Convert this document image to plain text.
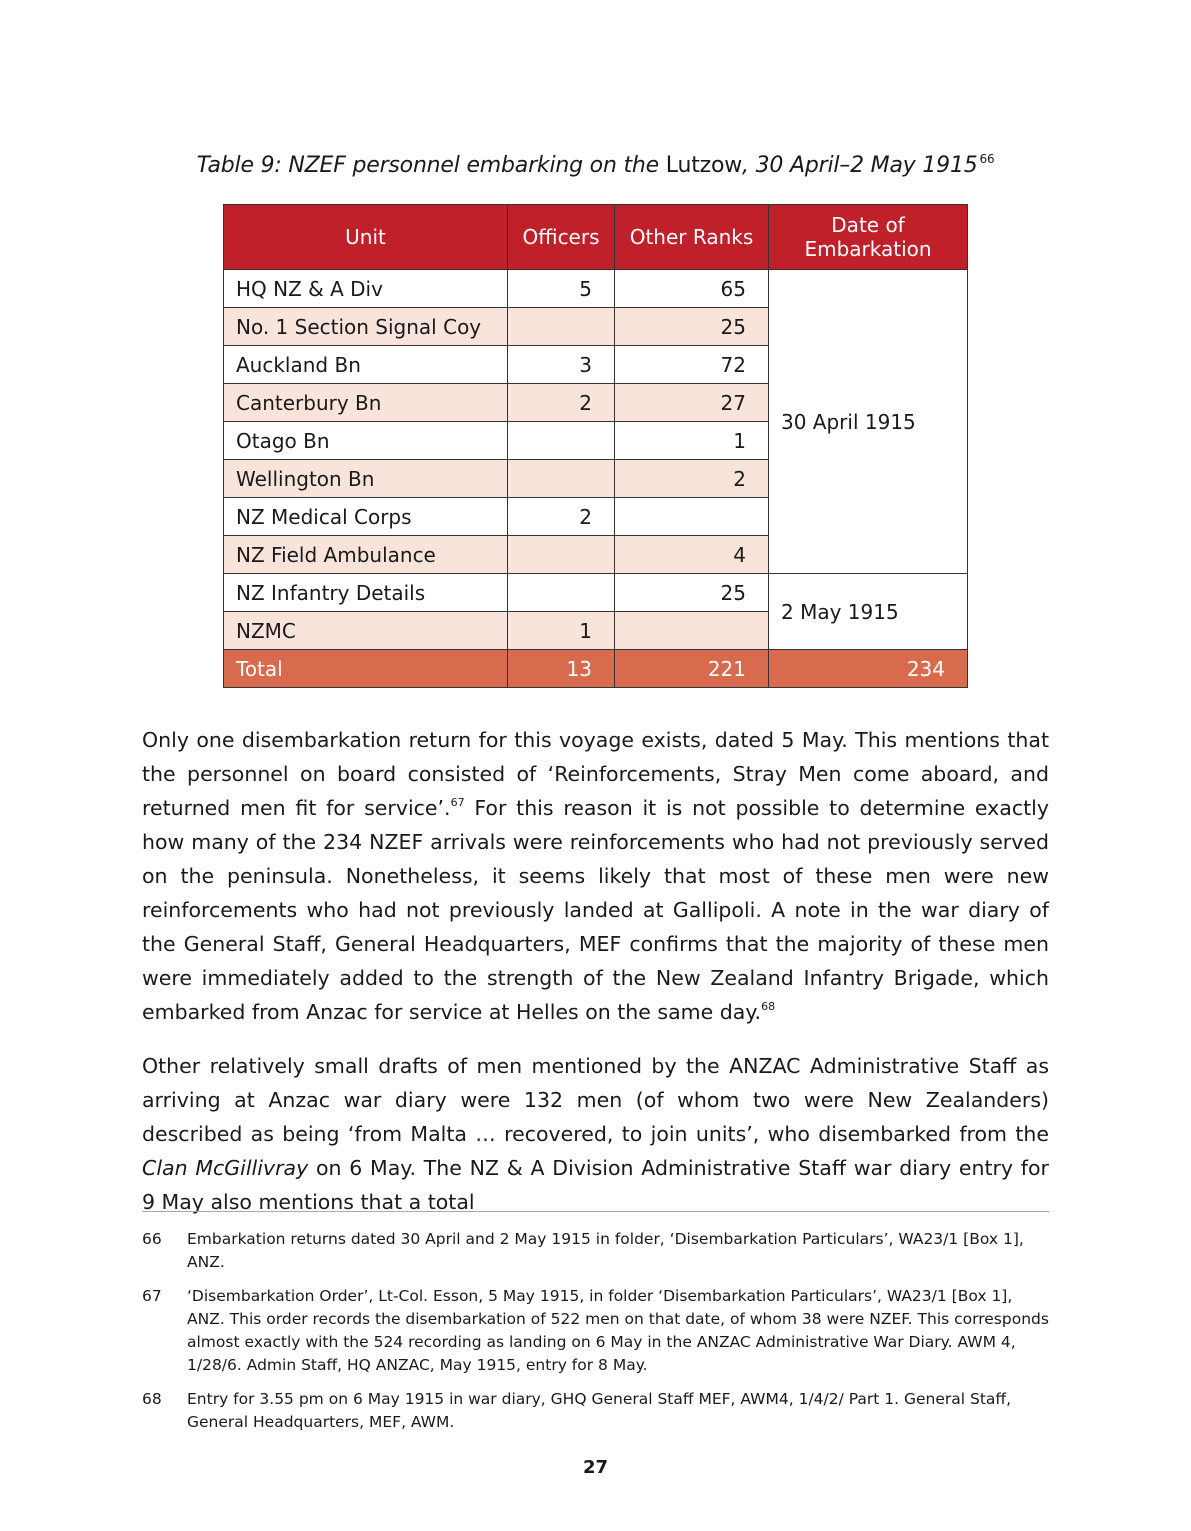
Table 9: NZEF personnel embarking on the Lutzow, 30 April–2 May 1915 $^{66}$
Unit	Officers	Other Ranks	Date of Embarkation
HQ NZ & A Div	5	65	30 April 1915
No. 1 Section Signal Coy		25	
Auckland Bn	3	72	
Canterbury Bn	2	27	
Otago Bn		1	
Wellington Bn		2	
NZ Medical Corps	2		
NZ Field Ambulance		4	
NZ Infantry Details		25	2 May 1915
NZMC	1		
Total	13	221	234

Only one disembarkation return for this voyage exists, dated 5 May. This mentions that the personnel on board consisted of ‘Reinforcements, Stray Men come aboard, and returned men fit for service’.$^{67}$ For this reason it is not possible to determine exactly how many of the 234 NZEF arrivals were reinforcements who had not previously served on the peninsula. Nonetheless, it seems likely that most of these men were new reinforcements who had not previously landed at Gallipoli. A note in the war diary of the General Staff, General Headquarters, MEF confirms that the majority of these men were immediately added to the strength of the New Zealand Infantry Brigade, which embarked from Anzac for service at Helles on the same day.$^{68}$

Other relatively small drafts of men mentioned by the ANZAC Administrative Staff as arriving at Anzac war diary were 132 men (of whom two were New Zealanders) described as being ‘from Malta … recovered, to join units’, who disembarked from the Clan McGillivray on 6 May. The NZ & A Division Administrative Staff war diary entry for 9 May also mentions that a total

66 Embarkation returns dated 30 April and 2 May 1915 in folder, ‘Disembarkation Particulars’, WA23/1 [Box 1], ANZ.
67 ‘Disembarkation Order’, Lt-Col. Esson, 5 May 1915, in folder ‘Disembarkation Particulars’, WA23/1 [Box 1], ANZ. This order records the disembarkation of 522 men on that date, of whom 38 were NZEF. This corresponds almost exactly with the 524 recording as landing on 6 May in the ANZAC Administrative War Diary. AWM 4, 1/28/6. Admin Staff, HQ ANZAC, May 1915, entry for 8 May.
68 Entry for 3.55 pm on 6 May 1915 in war diary, GHQ General Staff MEF, AWM4, 1/4/2/ Part 1. General Staff, General Headquarters, MEF, AWM.
27
